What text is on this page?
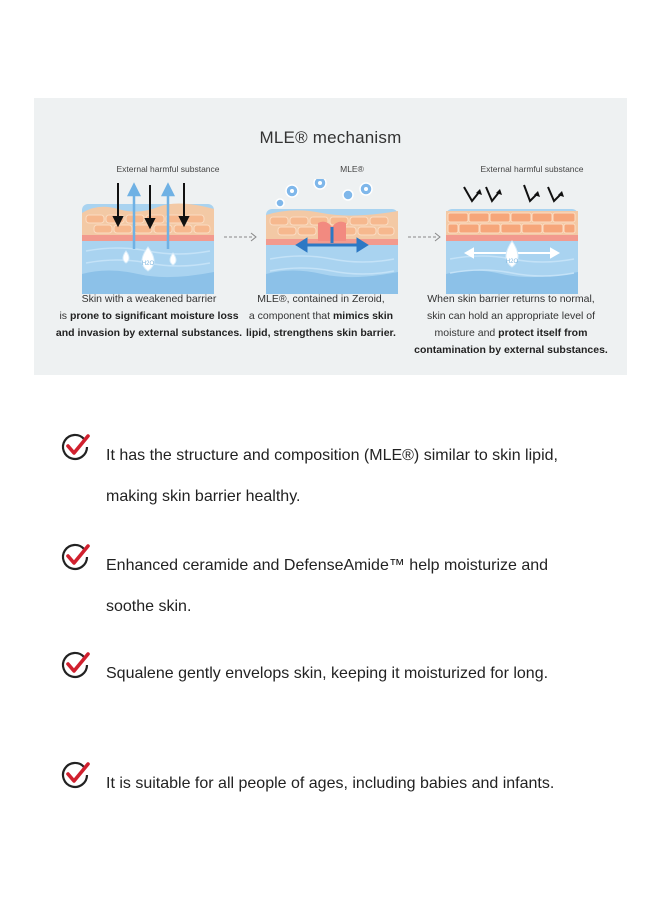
MLE® mechanism
External harmful substance
H2O
MLE®	External harmful substance
H2O
Skin with a weakened barrier
is prone to significant moisture loss
and invasion by external substances.
MLE®, contained in Zeroid,
a component that mimics skin
lipid, strengthens skin barrier.
When skin barrier returns to normal,
skin can hold an appropriate level of
moisture and protect itself from
contamination by external substances.
It has the structure and composition (MLE®) similar to skin lipid,
making skin barrier healthy.
Enhanced ceramide and DefenseAmide™ help moisturize and
soothe skin.
Squalene gently envelops skin, keeping it moisturized for long.
It is suitable for all people of ages, including babies and infants.
